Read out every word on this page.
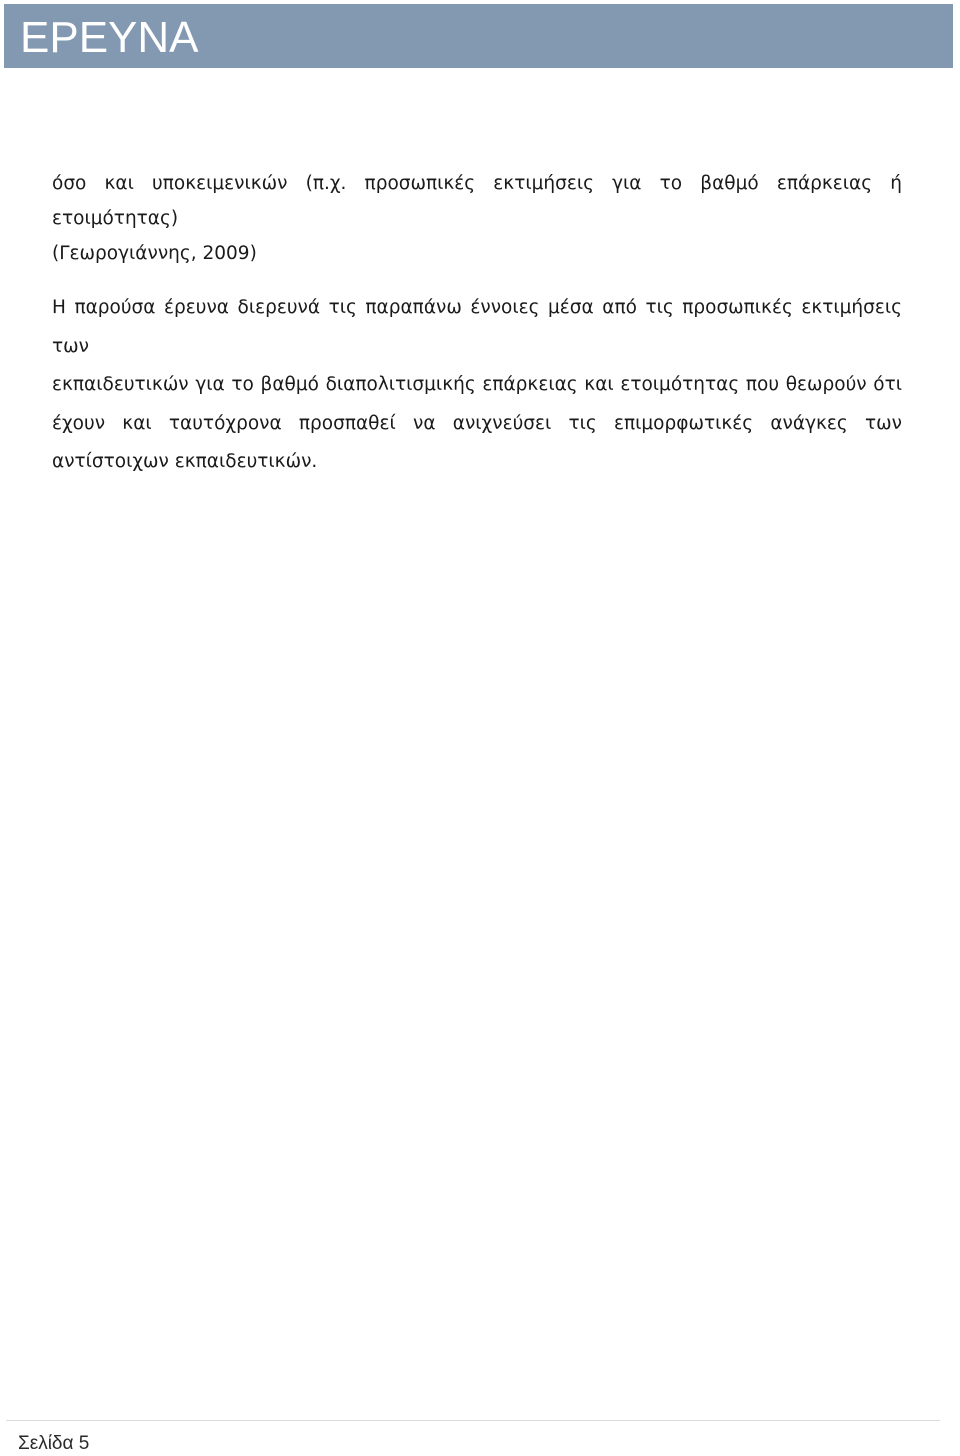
ΕΡΕΥΝΑ

όσο και υποκειμενικών (π.χ. προσωπικές εκτιμήσεις για το βαθμό επάρκειας ή ετοιμότητας)
(Γεωρογιάννης, 2009)

Η παρούσα έρευνα διερευνά τις παραπάνω έννοιες μέσα από τις προσωπικές εκτιμήσεις των
εκπαιδευτικών για το βαθμό διαπολιτισμικής επάρκειας και ετοιμότητας που θεωρούν ότι
έχουν και ταυτόχρονα προσπαθεί να ανιχνεύσει τις επιμορφωτικές ανάγκες των
αντίστοιχων εκπαιδευτικών.

Σελίδα 5
